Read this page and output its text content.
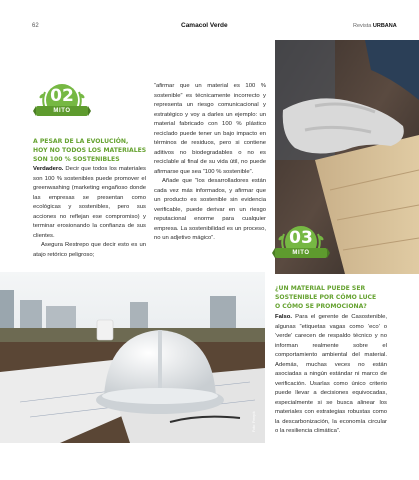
62	Camacol Verde	Revista URBANA
02
MITO
A PESAR DE LA EVOLUCIÓN,
HOY NO TODOS LOS MATERIALES
SON 100 % SOSTENIBLES

Verdadero. Decir que todos los materiales son 100 % sostenibles puede promover el greenwashing (marketing engañoso donde las empresas se presentan como ecológicas y sostenibles, pero sus acciones no reflejan ese compromiso) y terminar erosionando la confianza de sus clientes.

Asegura Restrepo que decir esto es un atajo retórico peligroso;

“afirmar que un material es 100 % sostenible” es técnicamente incorrecto y representa un riesgo comunicacional y estratégico y voy a darles un ejemplo: un material fabricado con 100 % plástico reciclado puede tener un bajo impacto en términos de residuos, pero si contiene aditivos no biodegradables o no es reciclable al final de su vida útil, no puede afirmarse que sea “100 % sostenible”.

Añade que “los desarrolladores están cada vez más informados, y afirmar que un producto es sostenible sin evidencia verificable, puede derivar en un riesgo reputacional enorme para cualquier empresa. La sostenibilidad es un proceso, no un adjetivo mágico”.	03
MITO
¿UN MATERIAL PUEDE SER
SOSTENIBLE POR CÓMO LUCE
O CÓMO SE PROMOCIONA?

Falso. Para el gerente de Casostenible, algunas “etiquetas vagas como ‘eco’ o ‘verde’ carecen de respaldo técnico y no informan realmente sobre el comportamiento ambiental del material. Además, muchas veces no están asociadas a ningún estándar ni marco de verificación. Usarlas como único criterio puede llevar a decisiones equivocadas, especialmente si se busca alinear los materiales con estrategias robustas como la descarbonización, la economía circular o la resiliencia climática”.

Foto: Freepik
